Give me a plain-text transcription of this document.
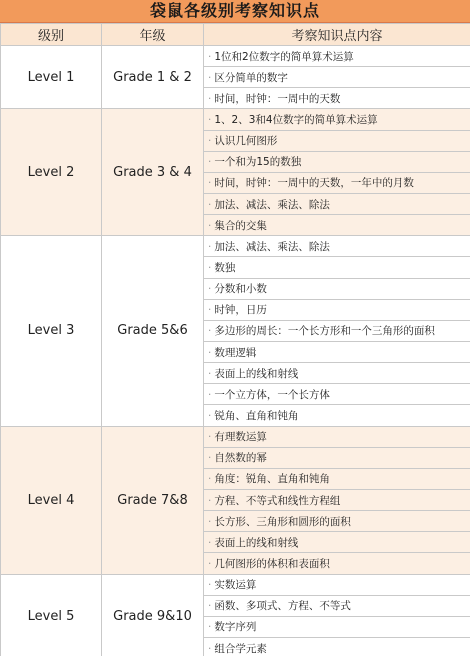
袋鼠各级别考察知识点
级别	年级	考察知识点内容
Level 1	Grade 1 & 2	· 1位和2位数字的简单算术运算
		· 区分简单的数字
		· 时间，时钟：一周中的天数
Level 2	Grade 3 & 4	· 1、2、3和4位数字的简单算术运算
		· 认识几何图形
		· 一个和为15的数独
		· 时间，时钟：一周中的天数，一年中的月数
		· 加法、减法、乘法、除法
		· 集合的交集
Level 3	Grade 5&6	· 加法、减法、乘法、除法
		· 数独
		· 分数和小数
		· 时钟，日历
		· 多边形的周长：一个长方形和一个三角形的面积
		· 数理逻辑
		· 表面上的线和射线
		· 一个立方体，一个长方体
		· 锐角、直角和钝角
Level 4	Grade 7&8	· 有理数运算
		· 自然数的幂
		· 角度：锐角、直角和钝角
		· 方程、不等式和线性方程组
		· 长方形、三角形和圆形的面积
		· 表面上的线和射线
		· 几何图形的体积和表面积
Level 5	Grade 9&10	· 实数运算
		· 函数、多项式、方程、不等式
		· 数字序列
		· 组合学元素
